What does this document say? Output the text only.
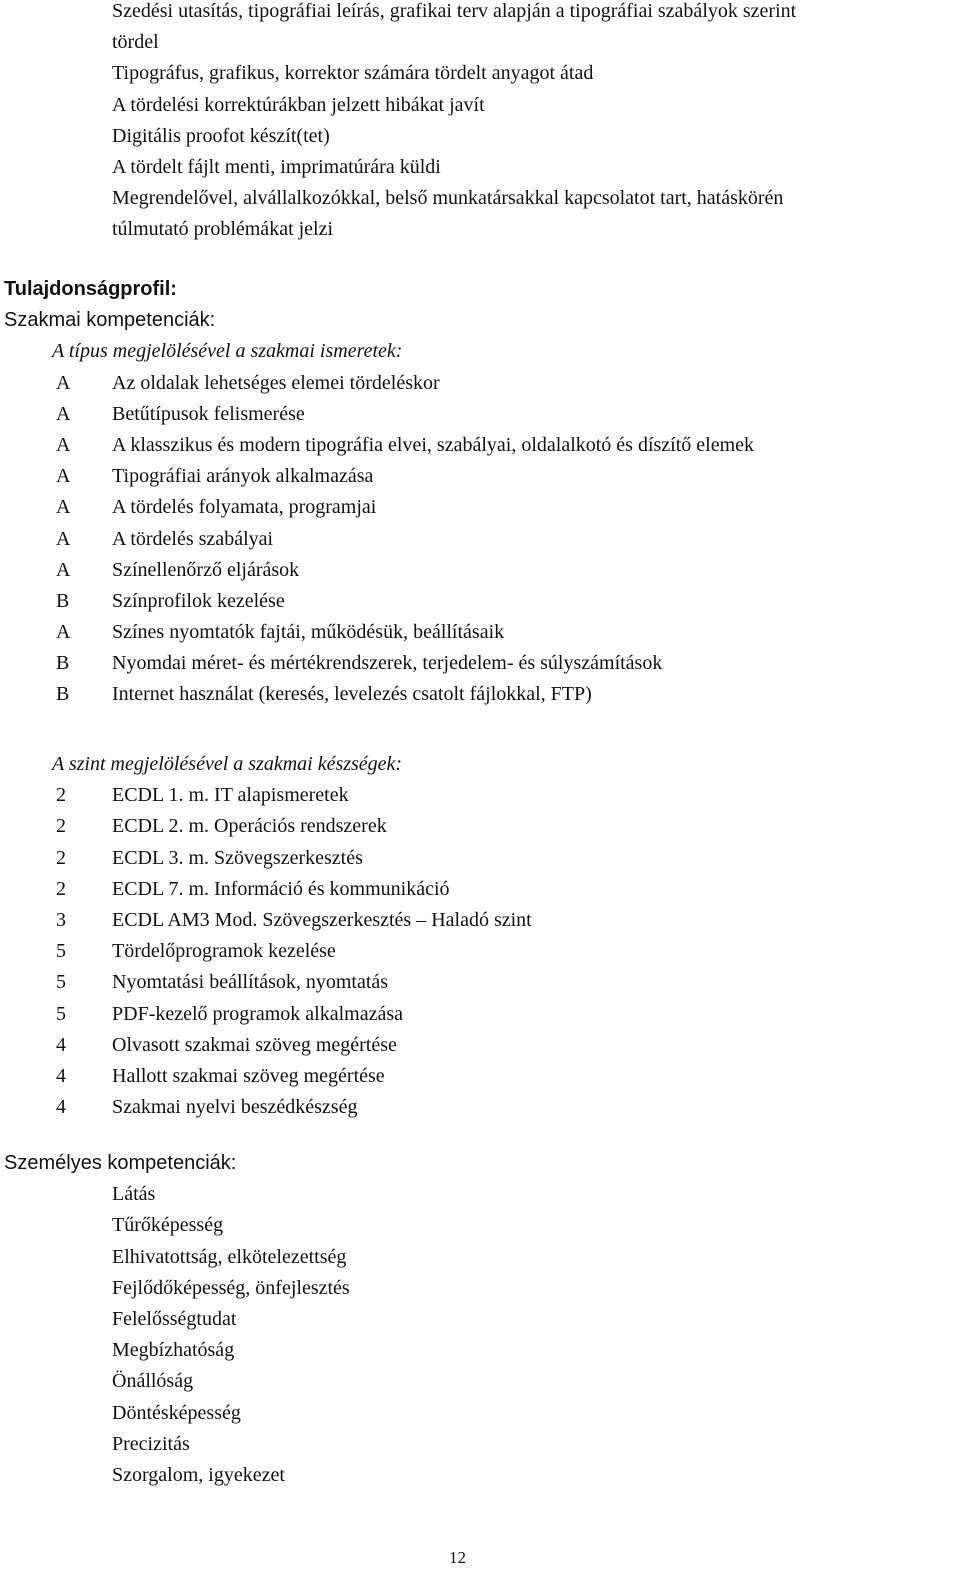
Szedési utasítás, tipográfiai leírás, grafikai terv alapján a tipográfiai szabályok szerint
tördel
Tipográfus, grafikus, korrektor számára tördelt anyagot átad
A tördelési korrektúrákban jelzett hibákat javít
Digitális proofot készít(tet)
A tördelt fájlt menti, imprimatúrára küldi
Megrendelővel, alvállalkozókkal, belső munkatársakkal kapcsolatot tart, hatáskörén
túlmutató problémákat jelzi
Tulajdonságprofil:
Szakmai kompetenciák:
A típus megjelölésével a szakmai ismeretek:
A	Az oldalak lehetséges elemei tördeléskor
A	Betűtípusok felismerése
A	A klasszikus és modern tipográfia elvei, szabályai, oldalalkotó és díszítő elemek
A	Tipográfiai arányok alkalmazása
A	A tördelés folyamata, programjai
A	A tördelés szabályai
A	Színellenőrző eljárások
B	Színprofilok kezelése
A	Színes nyomtatók fajtái, működésük, beállításaik
B	Nyomdai méret- és mértékrendszerek, terjedelem- és súlyszámítások
B	Internet használat (keresés, levelezés csatolt fájlokkal, FTP)
A szint megjelölésével a szakmai készségek:
2	ECDL 1. m. IT alapismeretek
2	ECDL 2. m. Operációs rendszerek
2	ECDL 3. m. Szövegszerkesztés
2	ECDL 7. m. Információ és kommunikáció
3	ECDL AM3 Mod. Szövegszerkesztés – Haladó szint
5	Tördelőprogramok kezelése
5	Nyomtatási beállítások, nyomtatás
5	PDF-kezelő programok alkalmazása
4	Olvasott szakmai szöveg megértése
4	Hallott szakmai szöveg megértése
4	Szakmai nyelvi beszédkészség
Személyes kompetenciák:
Látás
Tűrőképesség
Elhivatottság, elkötelezettség
Fejlődőképesség, önfejlesztés
Felelősségtudat
Megbízhatóság
Önállóság
Döntésképesség
Precizitás
Szorgalom, igyekezet
12
